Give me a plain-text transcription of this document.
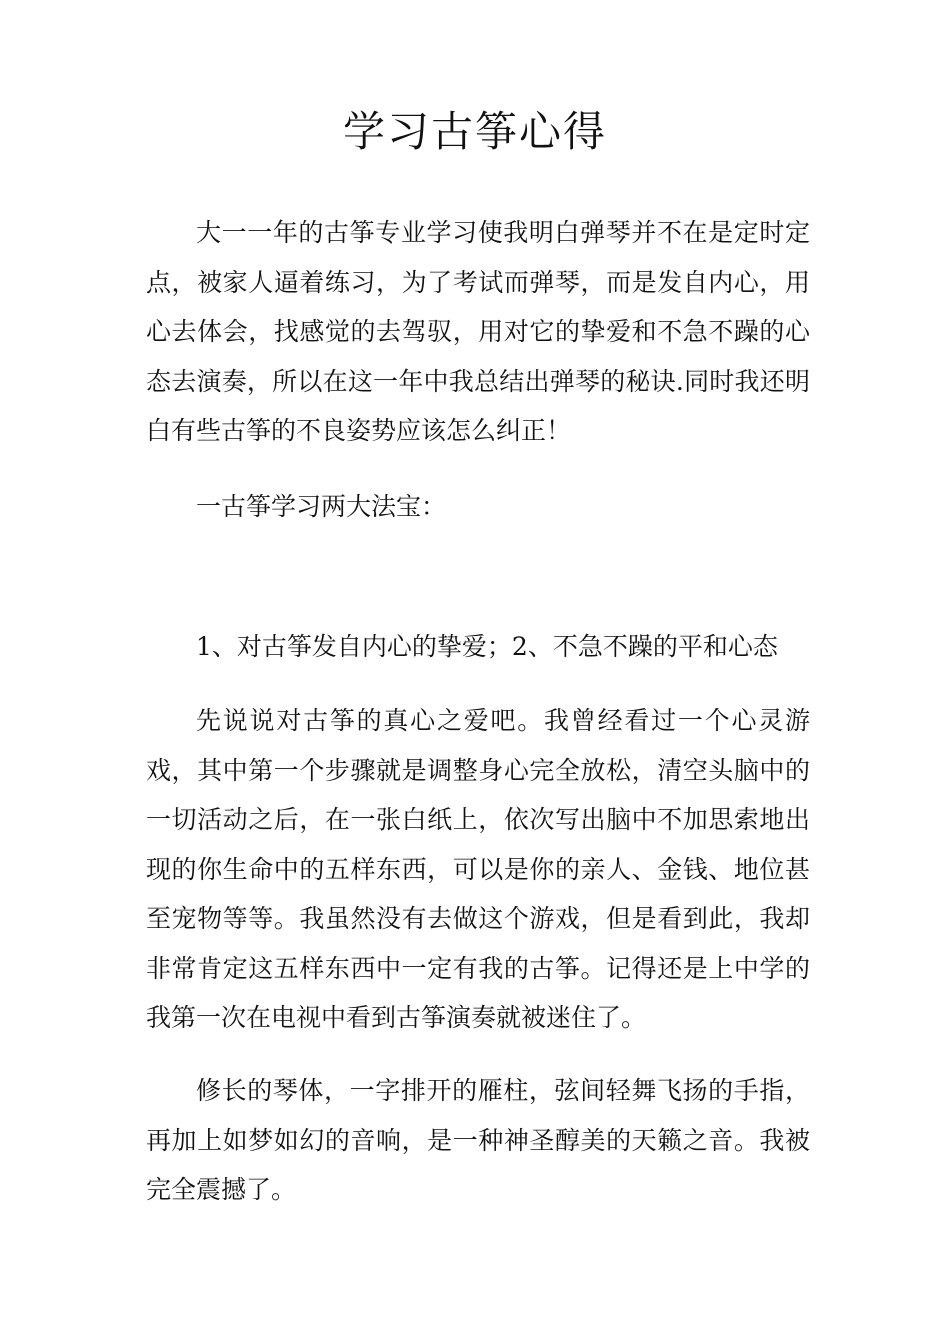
学习古筝心得

大一一年的古筝专业学习使我明白弹琴并不在是定时定点，被家人逼着练习，为了考试而弹琴，而是发自内心，用心去体会，找感觉的去驾驭，用对它的挚爱和不急不躁的心态去演奏，所以在这一年中我总结出弹琴的秘诀.同时我还明白有些古筝的不良姿势应该怎么纠正！

一古筝学习两大法宝：

1、对古筝发自内心的挚爱；2、不急不躁的平和心态

先说说对古筝的真心之爱吧。我曾经看过一个心灵游戏，其中第一个步骤就是调整身心完全放松，清空头脑中的一切活动之后，在一张白纸上，依次写出脑中不加思索地出现的你生命中的五样东西，可以是你的亲人、金钱、地位甚至宠物等等。我虽然没有去做这个游戏，但是看到此，我却非常肯定这五样东西中一定有我的古筝。记得还是上中学的我第一次在电视中看到古筝演奏就被迷住了。

修长的琴体，一字排开的雁柱，弦间轻舞飞扬的手指，再加上如梦如幻的音响，是一种神圣醇美的天籁之音。我被完全震撼了。
